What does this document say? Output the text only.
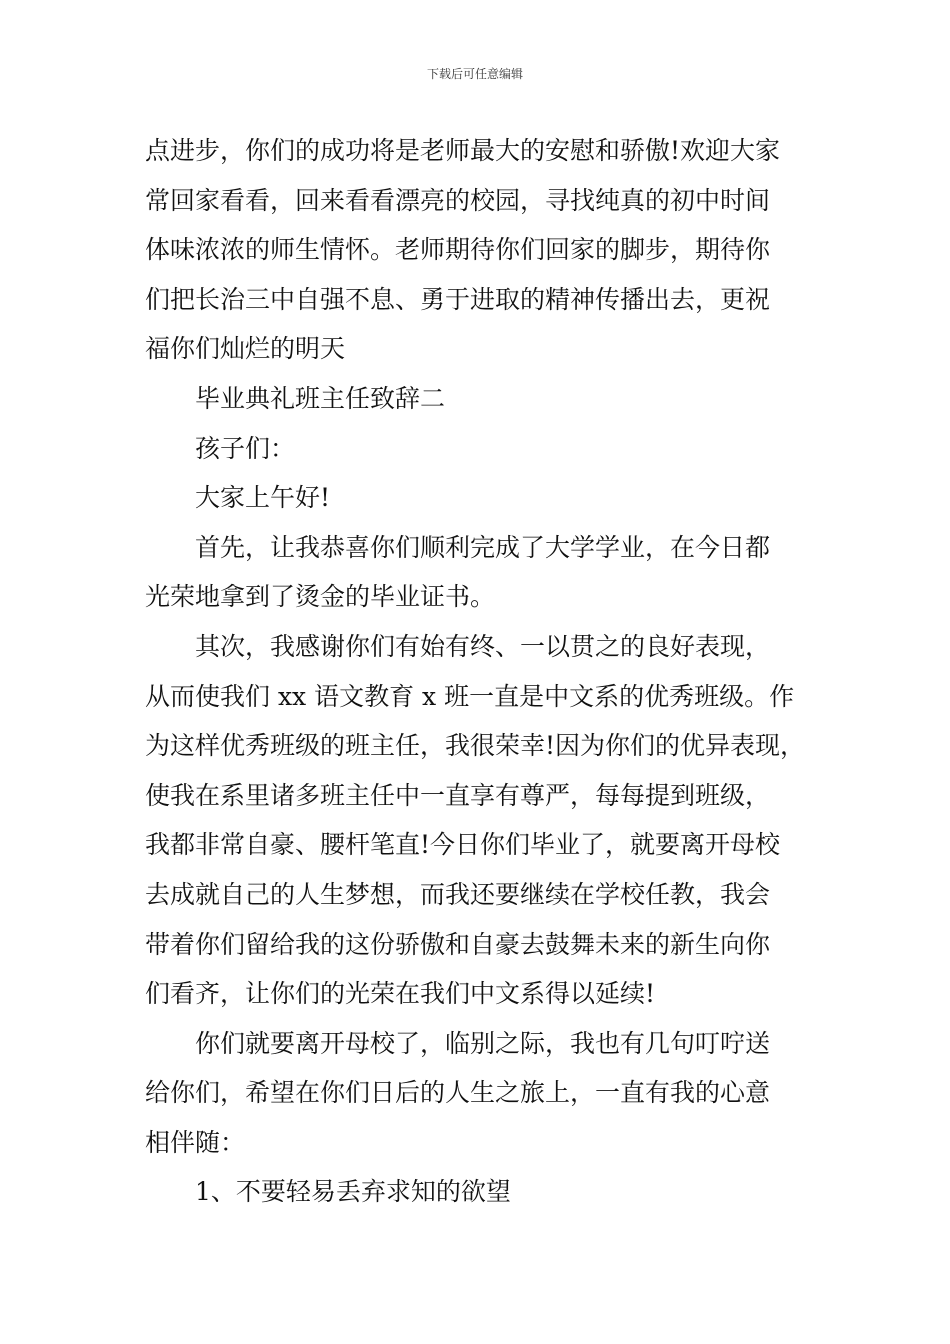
下载后可任意编辑
点进步，你们的成功将是老师最大的安慰和骄傲!欢迎大家
常回家看看，回来看看漂亮的校园，寻找纯真的初中时间
体味浓浓的师生情怀。老师期待你们回家的脚步，期待你
们把长治三中自强不息、勇于进取的精神传播出去，更祝
福你们灿烂的明天
毕业典礼班主任致辞二
孩子们：
大家上午好!
首先，让我恭喜你们顺利完成了大学学业，在今日都
光荣地拿到了烫金的毕业证书。
其次，我感谢你们有始有终、一以贯之的良好表现，
从而使我们 xx 语文教育 x 班一直是中文系的优秀班级。作
为这样优秀班级的班主任，我很荣幸!因为你们的优异表现，
使我在系里诸多班主任中一直享有尊严，每每提到班级，
我都非常自豪、腰杆笔直!今日你们毕业了，就要离开母校
去成就自己的人生梦想，而我还要继续在学校任教，我会
带着你们留给我的这份骄傲和自豪去鼓舞未来的新生向你
们看齐，让你们的光荣在我们中文系得以延续!
你们就要离开母校了，临别之际，我也有几句叮咛送
给你们，希望在你们日后的人生之旅上，一直有我的心意
相伴随：
1、不要轻易丢弃求知的欲望
